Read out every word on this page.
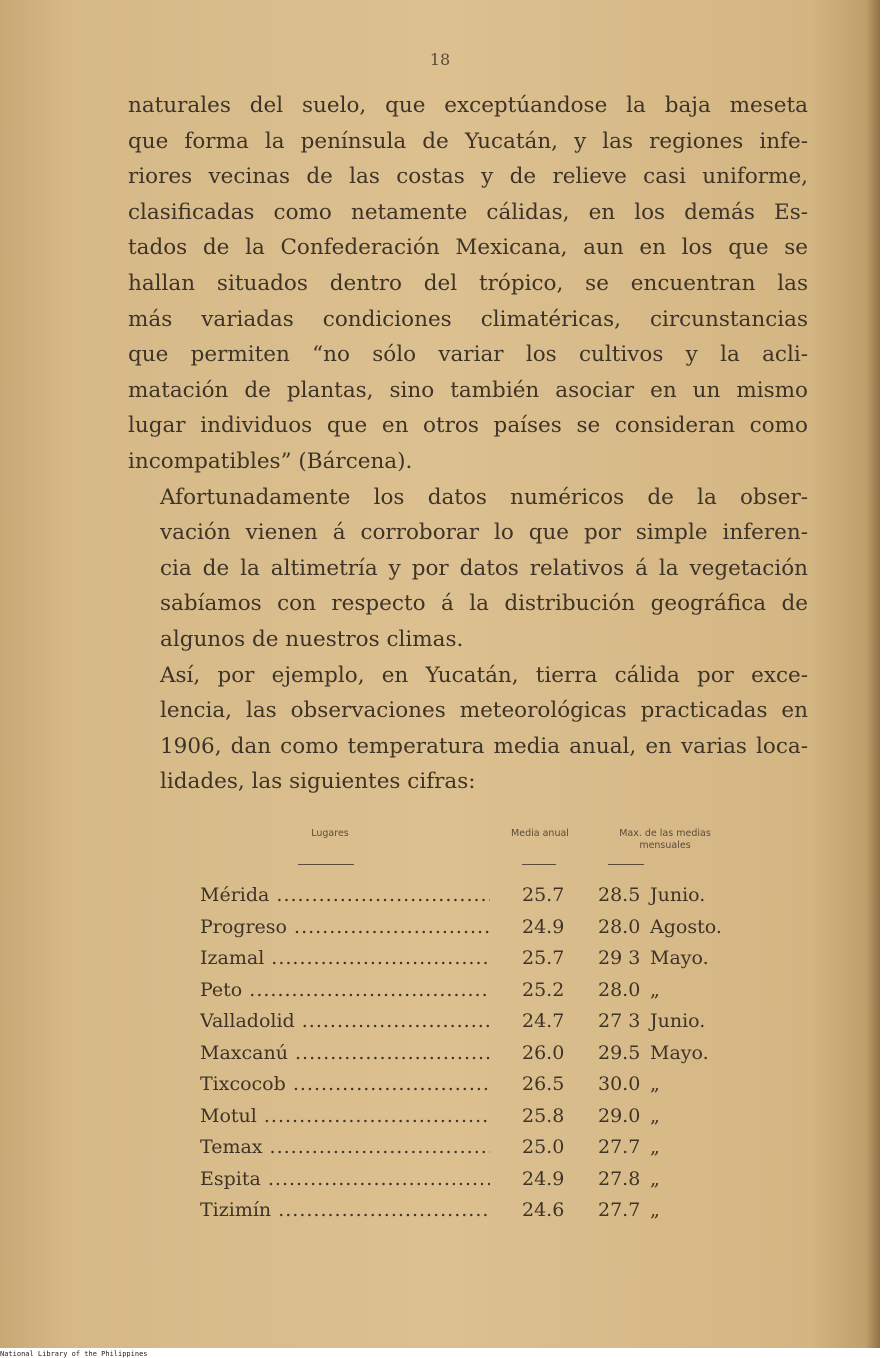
18

naturales del suelo, que exceptúandose la baja meseta
que forma la península de Yucatán, y las regiones infe-
riores vecinas de las costas y de relieve casi uniforme,
clasificadas como netamente cálidas, en los demás Es-
tados de la Confederación Mexicana, aun en los que se
hallan situados dentro del trópico, se encuentran las
más variadas condiciones climatéricas, circunstancias
que permiten “no sólo variar los cultivos y la acli-
matación de plantas, sino también asociar en un mismo
lugar individuos que en otros países se consideran como
incompatibles” (Bárcena).

Afortunadamente los datos numéricos de la obser-
vación vienen á corroborar lo que por simple inferen-
cia de la altimetría y por datos relativos á la vegetación
sabíamos con respecto á la distribución geográfica de
algunos de nuestros climas.

Así, por ejemplo, en Yucatán, tierra cálida por exce-
lencia, las observaciones meteorológicas practicadas en
1906, dan como temperatura media anual, en varias loca-
lidades, las siguientes cifras:

Lugares	Media anual	Max. de las medias
mensuales
Mérida .....	25.7	28.5 Junio.
Progreso .....	24.9	28.0 Agosto.
Izamal .....	25.7	29 3 Mayo.
Peto .....	25.2	28.0 „
Valladolid .....	24.7	27 3 Junio.
Maxcanú .....	26.0	29.5 Mayo.
Tixcocob .....	26.5	30.0 „
Motul .....	25.8	29.0 „
Temax .....	25.0	27.7 „
Espita .....	24.9	27.8 „
Tizimín .....	24.6	27.7 „
National Library of the Philippines
